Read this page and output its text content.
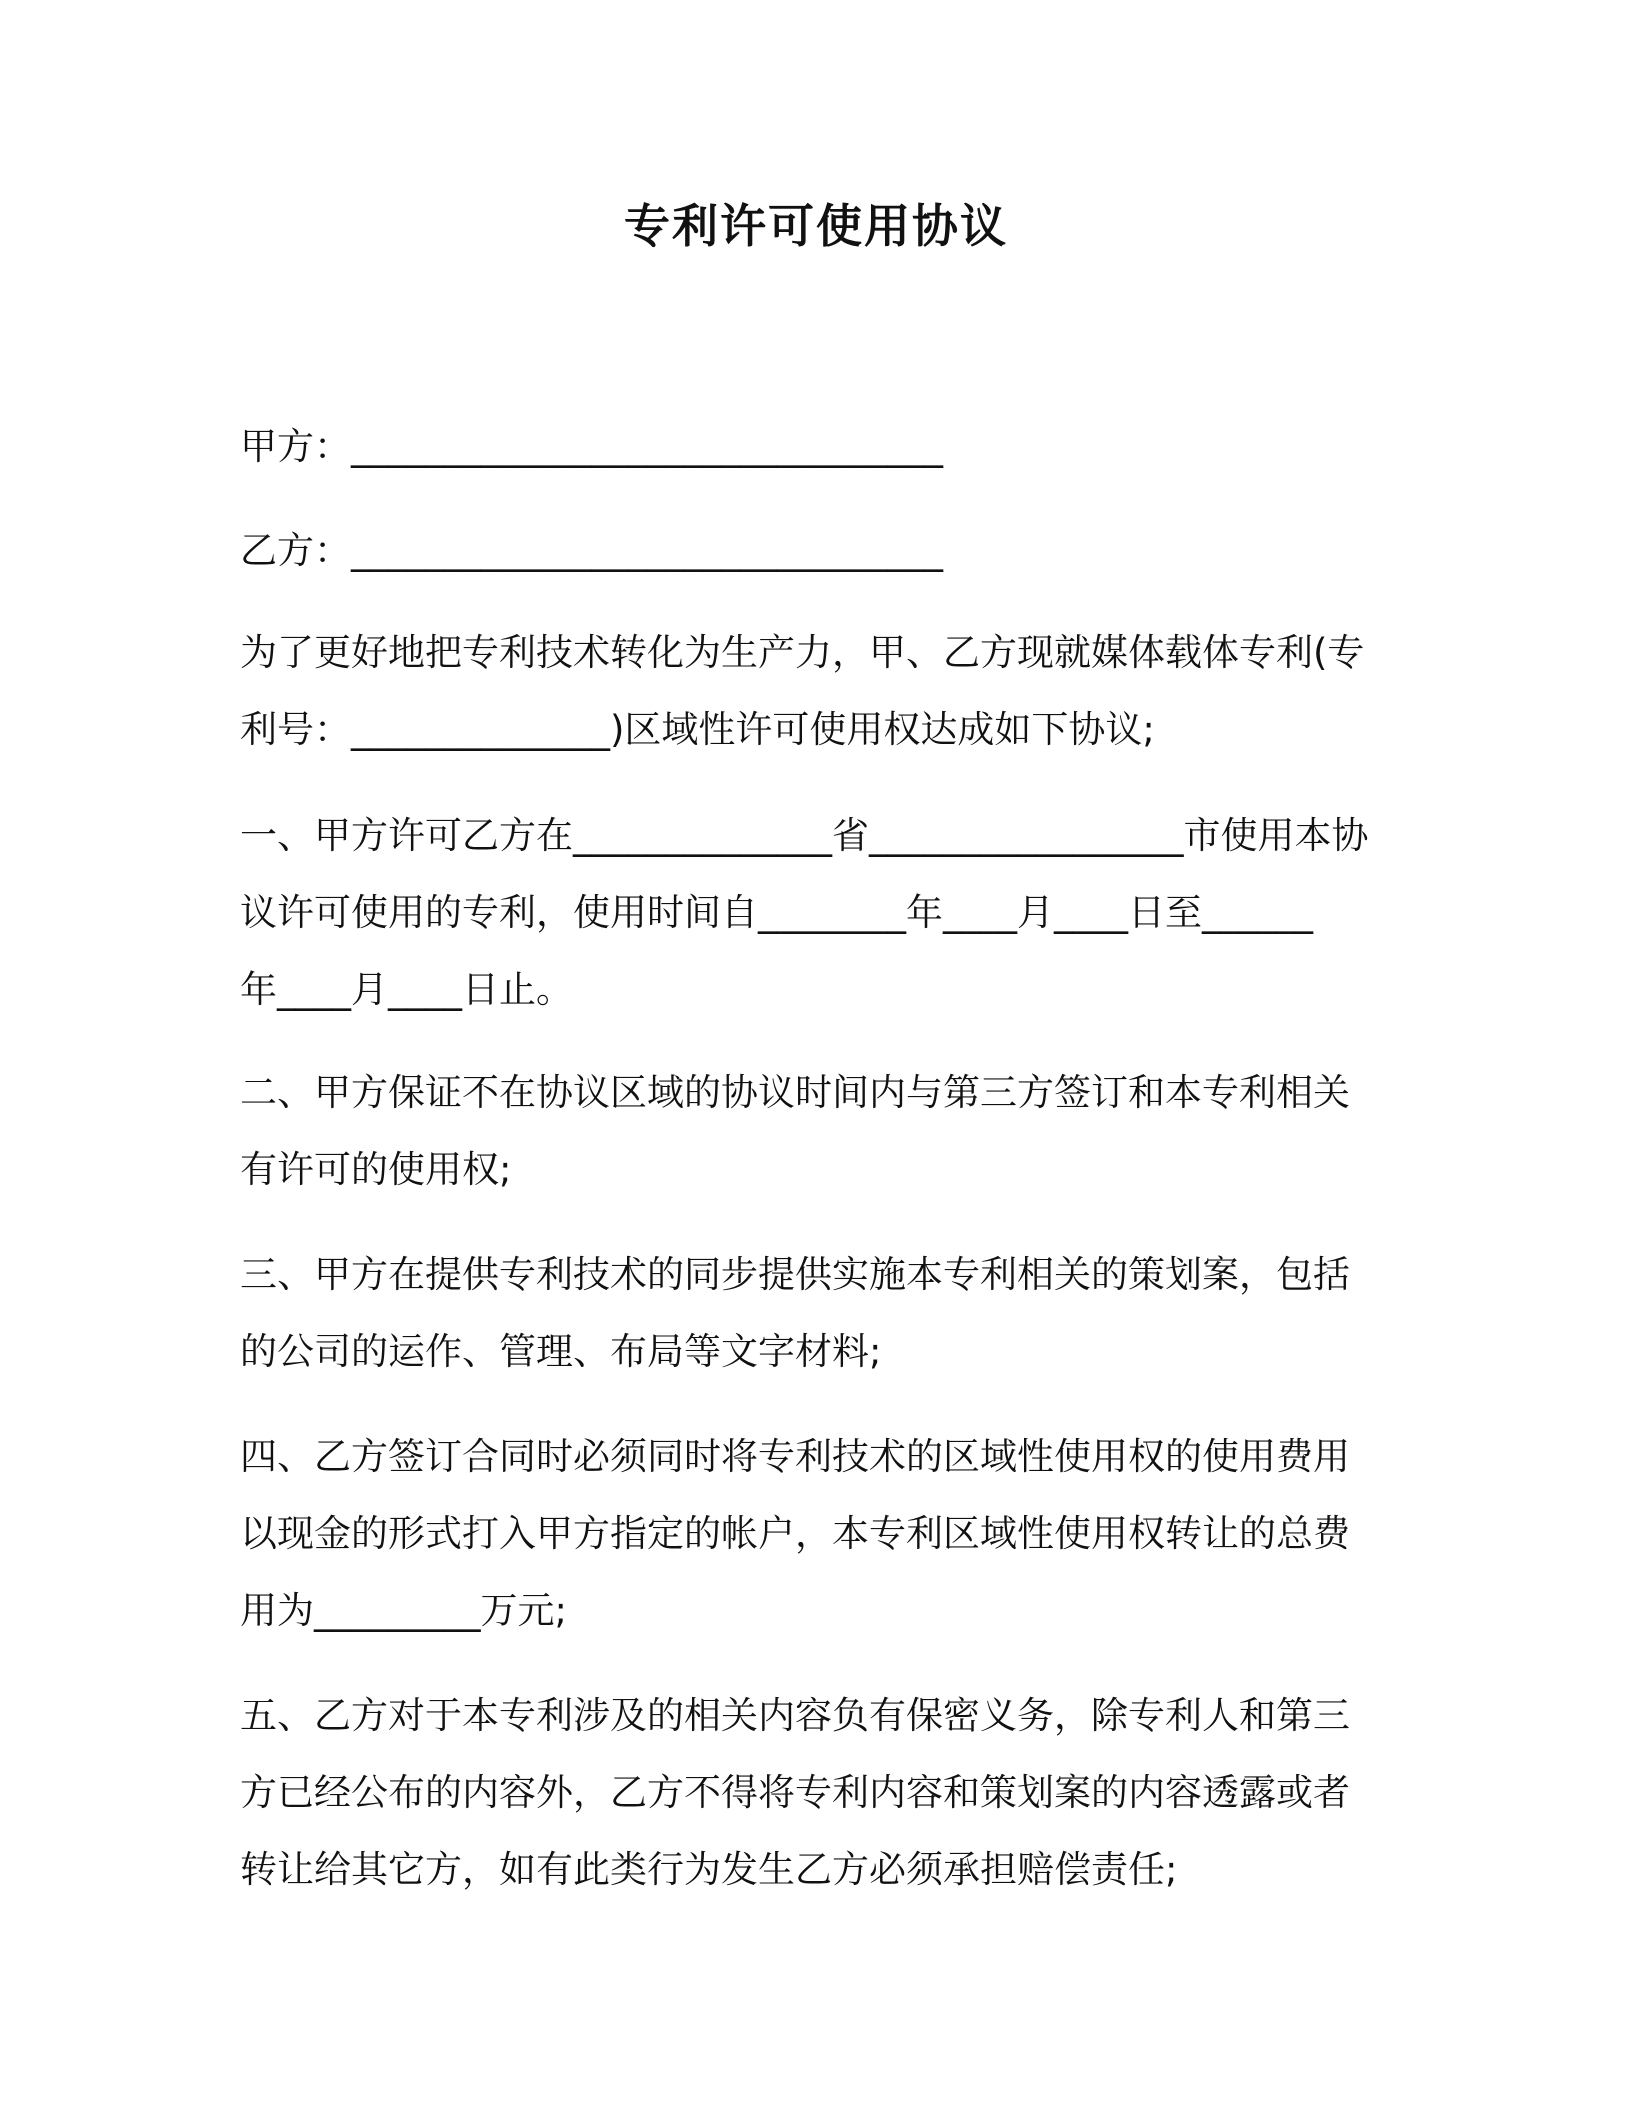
专利许可使用协议

甲方：________________________________

乙方：________________________________

为了更好地把专利技术转化为生产力，甲、乙方现就媒体载体专利(专
利号：______________)区域性许可使用权达成如下协议;

一、甲方许可乙方在______________省_________________市使用本协
议许可使用的专利，使用时间自________年____月____日至______
年____月____日止。

二、甲方保证不在协议区域的协议时间内与第三方签订和本专利相关
有许可的使用权;

三、甲方在提供专利技术的同步提供实施本专利相关的策划案，包括
的公司的运作、管理、布局等文字材料;

四、乙方签订合同时必须同时将专利技术的区域性使用权的使用费用
以现金的形式打入甲方指定的帐户，本专利区域性使用权转让的总费
用为_________万元;

五、乙方对于本专利涉及的相关内容负有保密义务，除专利人和第三
方已经公布的内容外，乙方不得将专利内容和策划案的内容透露或者
转让给其它方，如有此类行为发生乙方必须承担赔偿责任;
